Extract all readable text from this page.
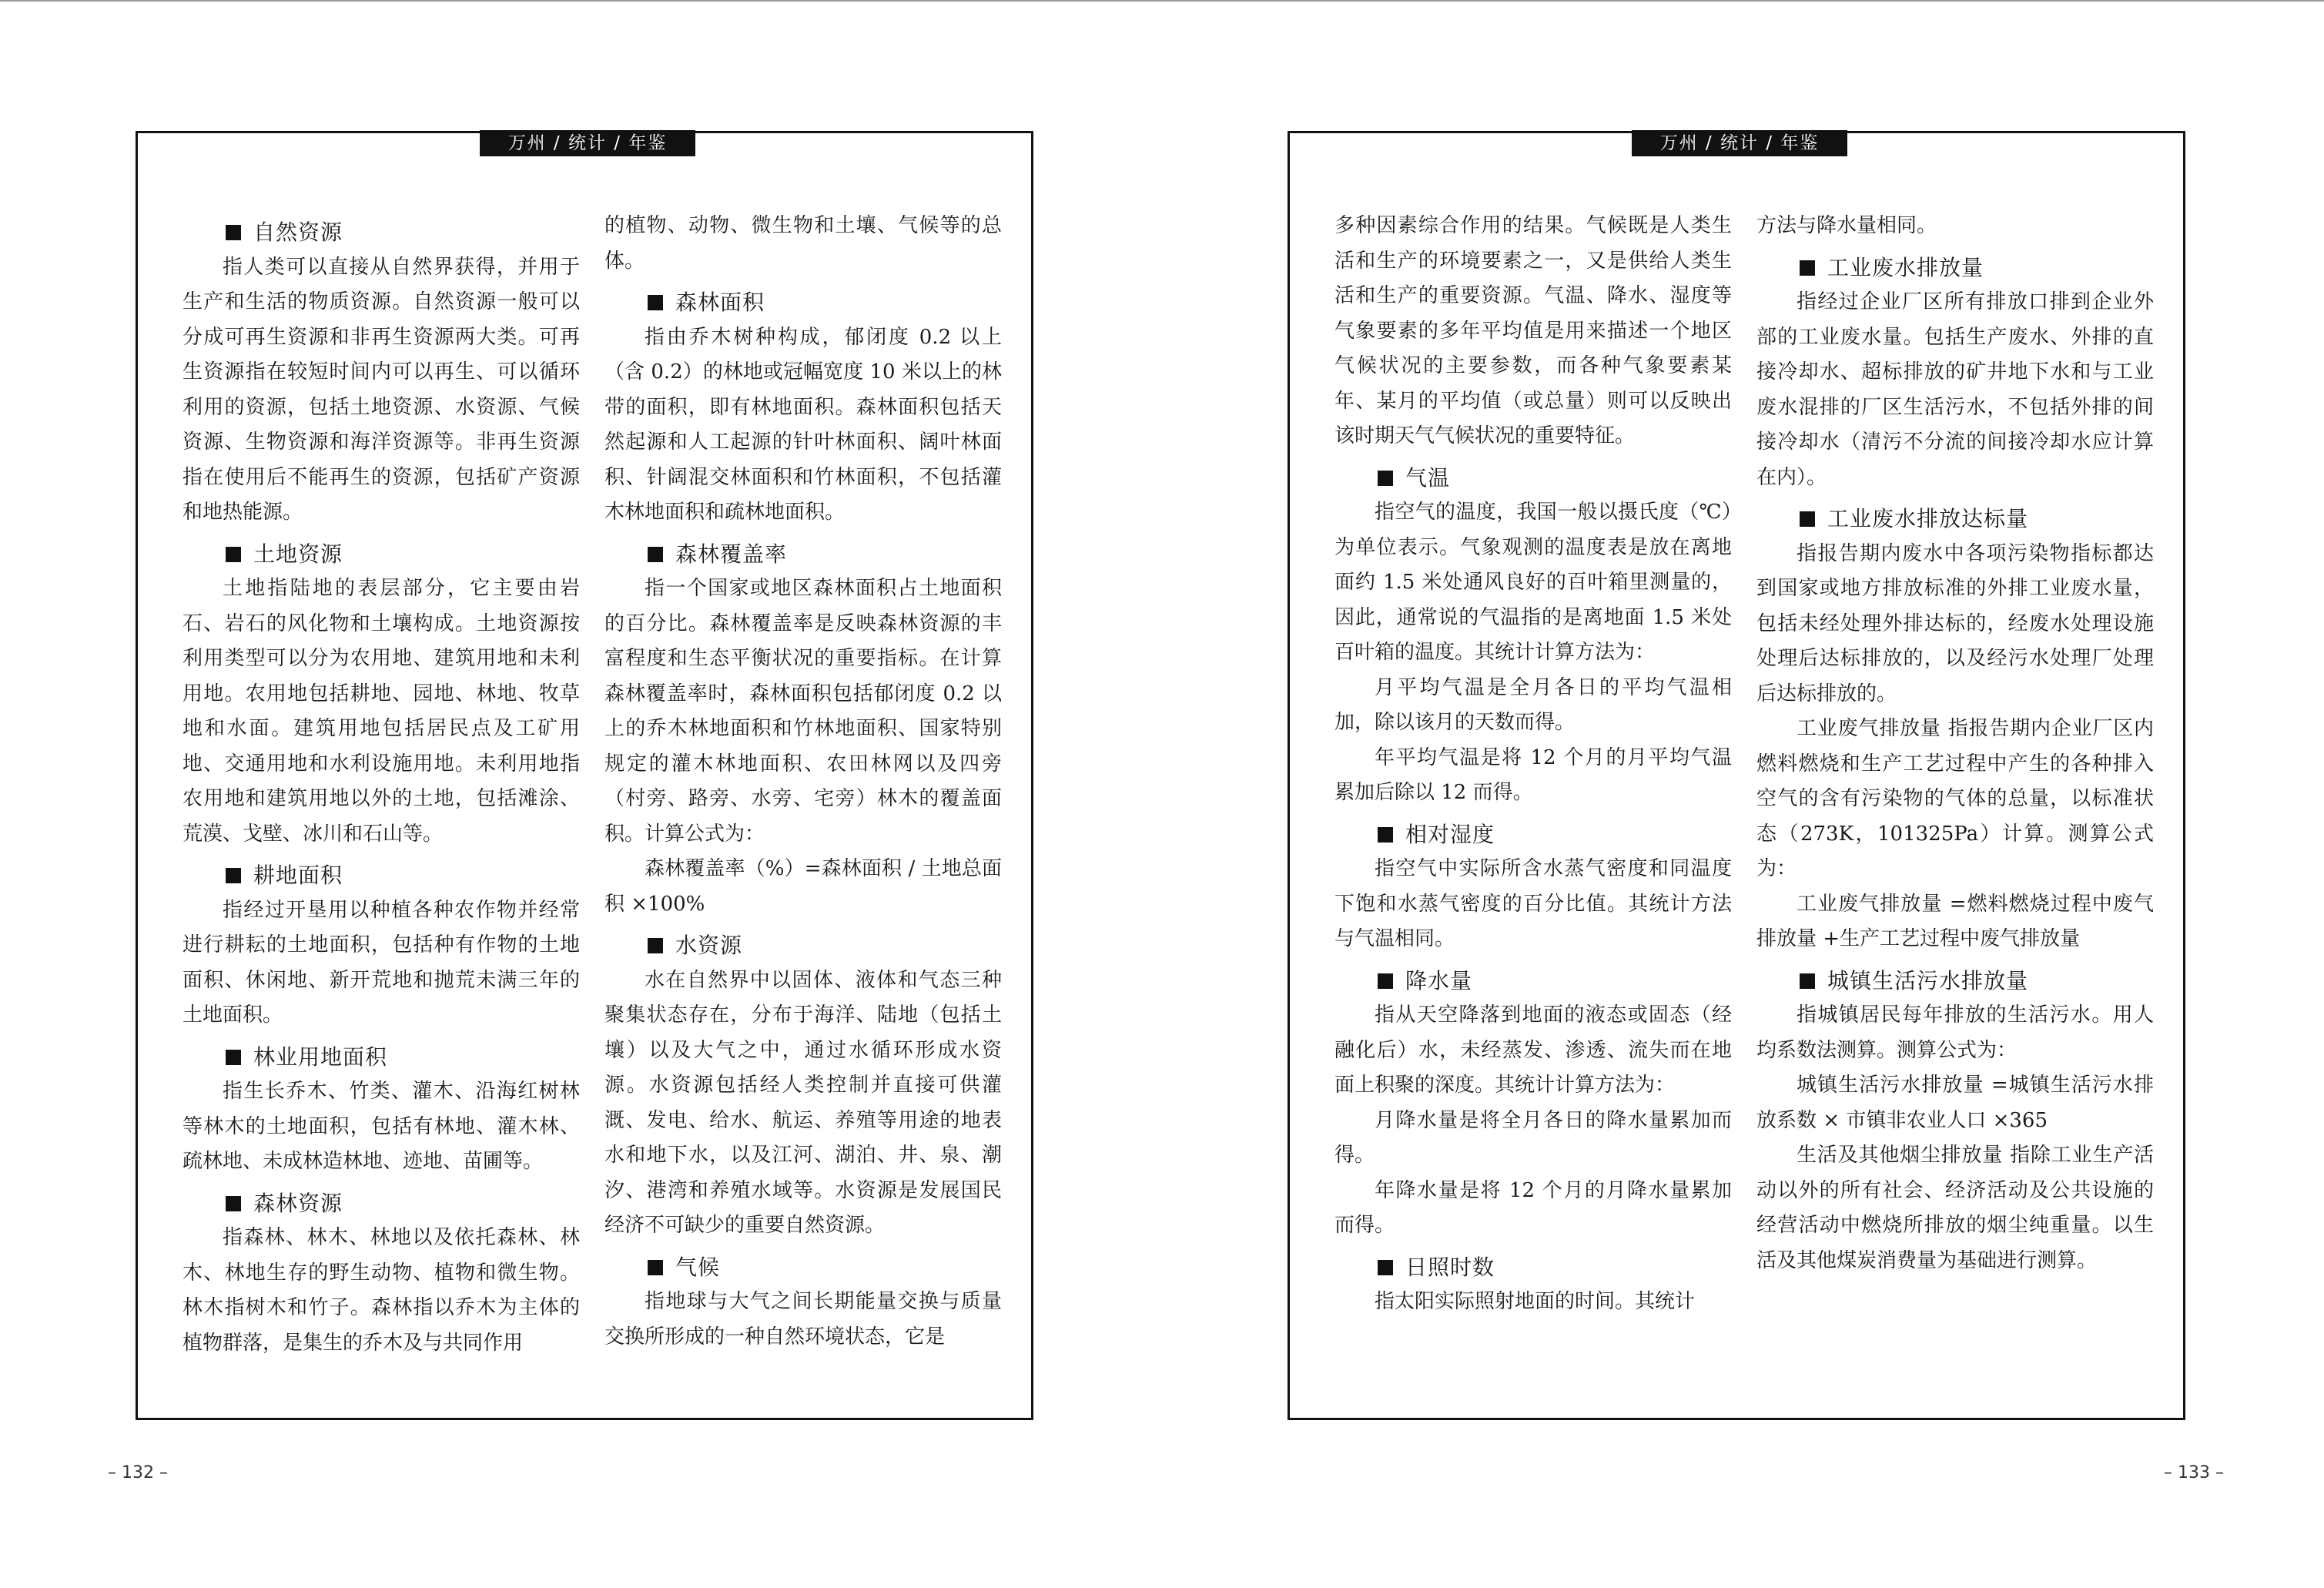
万州 / 统计 / 年鉴
自然资源

指人类可以直接从自然界获得，并用于生产和生活的物质资源。自然资源一般可以分成可再生资源和非再生资源两大类。可再生资源指在较短时间内可以再生、可以循环利用的资源，包括土地资源、水资源、气候资源、生物资源和海洋资源等。非再生资源指在使用后不能再生的资源，包括矿产资源和地热能源。

土地资源

土地指陆地的表层部分，它主要由岩石、岩石的风化物和土壤构成。土地资源按利用类型可以分为农用地、建筑用地和未利用地。农用地包括耕地、园地、林地、牧草地和水面。建筑用地包括居民点及工矿用地、交通用地和水利设施用地。未利用地指农用地和建筑用地以外的土地，包括滩涂、荒漠、戈壁、冰川和石山等。

耕地面积

指经过开垦用以种植各种农作物并经常进行耕耘的土地面积，包括种有作物的土地面积、休闲地、新开荒地和抛荒未满三年的土地面积。

林业用地面积

指生长乔木、竹类、灌木、沿海红树林等林木的土地面积，包括有林地、灌木林、疏林地、未成林造林地、迹地、苗圃等。

森林资源

指森林、林木、林地以及依托森林、林木、林地生存的野生动物、植物和微生物。林木指树木和竹子。森林指以乔木为主体的植物群落，是集生的乔木及与共同作用

的植物、动物、微生物和土壤、气候等的总体。

森林面积

指由乔木树种构成，郁闭度 0.2 以上（含 0.2）的林地或冠幅宽度 10 米以上的林带的面积，即有林地面积。森林面积包括天然起源和人工起源的针叶林面积、阔叶林面积、针阔混交林面积和竹林面积，不包括灌木林地面积和疏林地面积。

森林覆盖率

指一个国家或地区森林面积占土地面积的百分比。森林覆盖率是反映森林资源的丰富程度和生态平衡状况的重要指标。在计算森林覆盖率时，森林面积包括郁闭度 0.2 以上的乔木林地面积和竹林地面积、国家特别规定的灌木林地面积、农田林网以及四旁（村旁、路旁、水旁、宅旁）林木的覆盖面积。计算公式为：

森林覆盖率（%）=森林面积 / 土地总面积 ×100%

水资源

水在自然界中以固体、液体和气态三种聚集状态存在，分布于海洋、陆地（包括土壤）以及大气之中，通过水循环形成水资源。水资源包括经人类控制并直接可供灌溉、发电、给水、航运、养殖等用途的地表水和地下水，以及江河、湖泊、井、泉、潮汐、港湾和养殖水域等。水资源是发展国民经济不可缺少的重要自然资源。

气候

指地球与大气之间长期能量交换与质量交换所形成的一种自然环境状态，它是

万州 / 统计 / 年鉴

多种因素综合作用的结果。气候既是人类生活和生产的环境要素之一，又是供给人类生活和生产的重要资源。气温、降水、湿度等气象要素的多年平均值是用来描述一个地区气候状况的主要参数，而各种气象要素某年、某月的平均值（或总量）则可以反映出该时期天气气候状况的重要特征。

气温

指空气的温度，我国一般以摄氏度（℃）为单位表示。气象观测的温度表是放在离地面约 1.5 米处通风良好的百叶箱里测量的，因此，通常说的气温指的是离地面 1.5 米处百叶箱的温度。其统计计算方法为：

月平均气温是全月各日的平均气温相加，除以该月的天数而得。

年平均气温是将 12 个月的月平均气温累加后除以 12 而得。

相对湿度

指空气中实际所含水蒸气密度和同温度下饱和水蒸气密度的百分比值。其统计方法与气温相同。

降水量

指从天空降落到地面的液态或固态（经融化后）水，未经蒸发、渗透、流失而在地面上积聚的深度。其统计计算方法为：

月降水量是将全月各日的降水量累加而得。

年降水量是将 12 个月的月降水量累加而得。

日照时数

指太阳实际照射地面的时间。其统计

方法与降水量相同。

工业废水排放量

指经过企业厂区所有排放口排到企业外部的工业废水量。包括生产废水、外排的直接冷却水、超标排放的矿井地下水和与工业废水混排的厂区生活污水，不包括外排的间接冷却水（清污不分流的间接冷却水应计算在内）。

工业废水排放达标量

指报告期内废水中各项污染物指标都达到国家或地方排放标准的外排工业废水量，包括未经处理外排达标的，经废水处理设施处理后达标排放的，以及经污水处理厂处理后达标排放的。

工业废气排放量 指报告期内企业厂区内燃料燃烧和生产工艺过程中产生的各种排入空气的含有污染物的气体的总量，以标准状态（273K，101325Pa）计算。测算公式为：

工业废气排放量 =燃料燃烧过程中废气排放量 +生产工艺过程中废气排放量

城镇生活污水排放量

指城镇居民每年排放的生活污水。用人均系数法测算。测算公式为：

城镇生活污水排放量 =城镇生活污水排放系数 × 市镇非农业人口 ×365

生活及其他烟尘排放量 指除工业生产活动以外的所有社会、经济活动及公共设施的经营活动中燃烧所排放的烟尘纯重量。以生活及其他煤炭消费量为基础进行测算。

– 132 –	– 133 –
